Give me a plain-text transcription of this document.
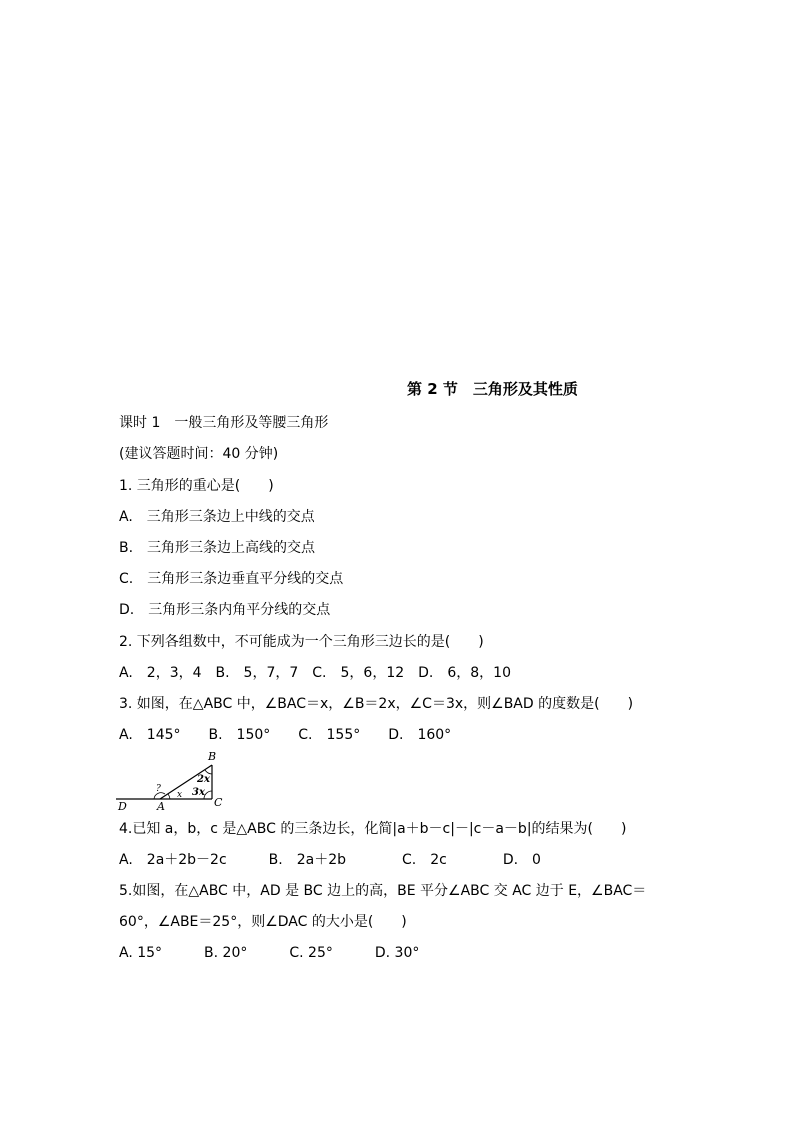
第 2 节　三角形及其性质
课时 1　一般三角形及等腰三角形
(建议答题时间：40 分钟)
1. 三角形的重心是(　　)
A.　三角形三条边上中线的交点
B.　三角形三条边上高线的交点
C.　三角形三条边垂直平分线的交点
D.　三角形三条内角平分线的交点
2. 下列各组数中，不可能成为一个三角形三边长的是(　　)
A.　2，3，4　B.　5，7，7　C.　5，6，12　D.　6，8，10
3. 如图，在△ABC 中，∠BAC＝x，∠B＝2x，∠C＝3x，则∠BAD 的度数是(　　)
A.　145°　　B.　150°　　C.　155°　　D.　160°
B
C
D	A
2x
3x
x
?
4.已知 a，b，c 是△ABC 的三条边长，化简|a＋b－c|－|c－a－b|的结果为(　　)
A.　2a＋2b－2c　　　B.　2a＋2b　　　　C.　2c　　　　D.　0
5.如图，在△ABC 中，AD 是 BC 边上的高，BE 平分∠ABC 交 AC 边于 E，∠BAC＝
60°，∠ABE＝25°，则∠DAC 的大小是(　　)
A. 15°　　　B. 20°　　　C. 25°　　　D. 30°
